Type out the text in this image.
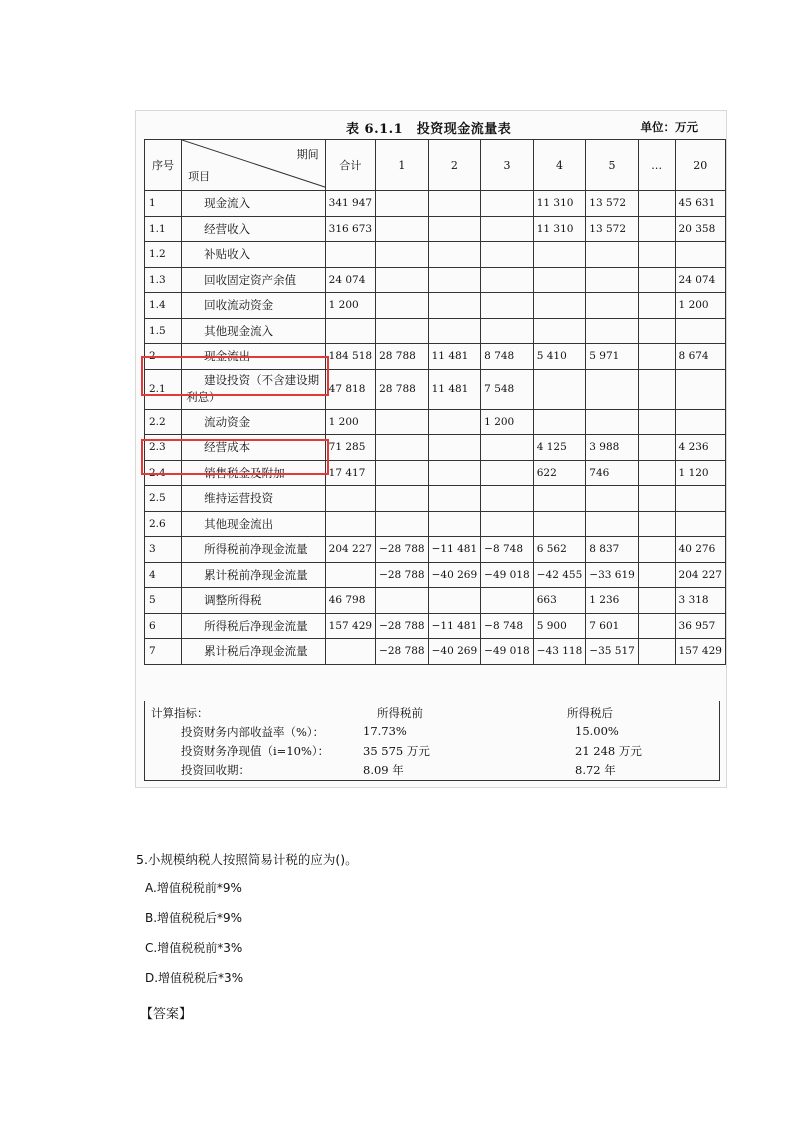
表 6.1.1　投资现金流量表	单位：万元
序号	期间
项目	合计	1	2	3	4	5	…	20
1	现金流入	341 947				11 310	13 572		45 631
1.1	经营收入	316 673				11 310	13 572		20 358
1.2	补贴收入								
1.3	回收固定资产余值	24 074							24 074
1.4	回收流动资金	1 200							1 200
1.5	其他现金流入								
2	现金流出	184 518	28 788	11 481	8 748	5 410	5 971		8 674
2.1	建设投资（不含建设期利息）	47 818	28 788	11 481	7 548				
2.2	流动资金	1 200			1 200				
2.3	经营成本	71 285				4 125	3 988		4 236
2.4	销售税金及附加	17 417				622	746		1 120
2.5	维持运营投资								
2.6	其他现金流出								
3	所得税前净现金流量	204 227	−28 788	−11 481	−8 748	6 562	8 837		40 276
4	累计税前净现金流量		−28 788	−40 269	−49 018	−42 455	−33 619		204 227
5	调整所得税	46 798				663	1 236		3 318
6	所得税后净现金流量	157 429	−28 788	−11 481	−8 748	5 900	7 601		36 957
7	累计税后净现金流量		−28 788	−40 269	−49 018	−43 118	−35 517		157 429
计算指标：	所得税前	所得税后
投资财务内部收益率（%）：	17.73%	15.00%
投资财务净现值（i=10%）：	35 575 万元	21 248 万元
投资回收期：	8.09 年	8.72 年
5.小规模纳税人按照简易计税的应为()。
A.增值税税前*9%
B.增值税税后*9%
C.增值税税前*3%
D.增值税税后*3%
【答案】
